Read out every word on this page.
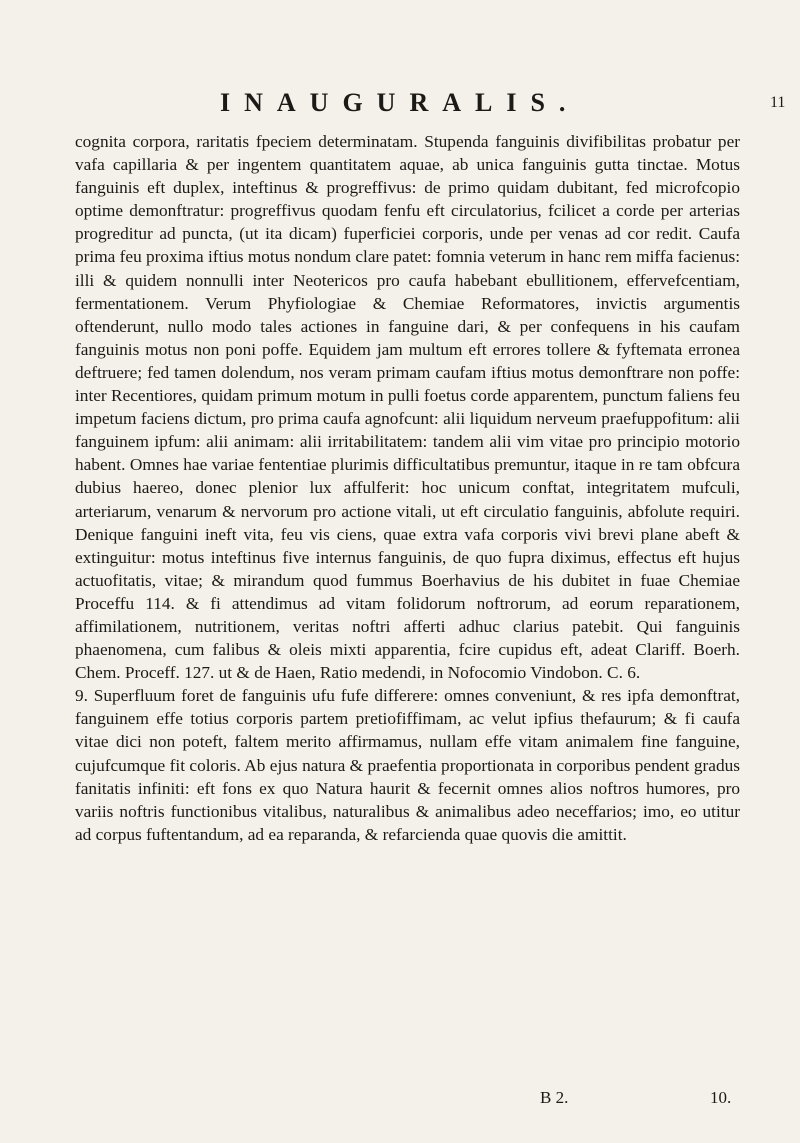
INAUGURALIS.	11

cognita corpora, raritatis fpeciem determinatam. Stupenda fanguinis divifibilitas probatur per vafa capillaria & per ingentem quantitatem aquae, ab unica fanguinis gutta tinctae. Motus fanguinis eft duplex, inteftinus & progreffivus: de primo quidam dubitant, fed microfcopio optime demonftratur: progreffivus quodam fenfu eft circulatorius, fcilicet a corde per arterias progreditur ad puncta, (ut ita dicam) fuperficiei corporis, unde per venas ad cor redit. Caufa prima feu proxima iftius motus nondum clare patet: fomnia veterum in hanc rem miffa facienus: illi & quidem nonnulli inter Neotericos pro caufa habebant ebullitionem, effervefcentiam, fermentationem. Verum Phyfiologiae & Chemiae Reformatores, invictis argumentis oftenderunt, nullo modo tales actiones in fanguine dari, & per confequens in his caufam fanguinis motus non poni poffe. Equidem jam multum eft errores tollere & fyftemata erronea deftruere; fed tamen dolendum, nos veram primam caufam iftius motus demonftrare non poffe: inter Recentiores, quidam primum motum in pulli foetus corde apparentem, punctum faliens feu impetum faciens dictum, pro prima caufa agnofcunt: alii liquidum nerveum praefuppofitum: alii fanguinem ipfum: alii animam: alii irritabilitatem: tandem alii vim vitae pro principio motorio habent. Omnes hae variae fententiae plurimis difficultatibus premuntur, itaque in re tam obfcura dubius haereo, donec plenior lux affulferit: hoc unicum conftat, integritatem mufculi, arteriarum, venarum & nervorum pro actione vitali, ut eft circulatio fanguinis, abfolute requiri. Denique fanguini ineft vita, feu vis ciens, quae extra vafa corporis vivi brevi plane abeft & extinguitur: motus inteftinus five internus fanguinis, de quo fupra diximus, effectus eft hujus actuofitatis, vitae; & mirandum quod fummus Boerhavius de his dubitet in fuae Chemiae Proceffu 114. & fi attendimus ad vitam folidorum noftrorum, ad eorum reparationem, affimilationem, nutritionem, veritas noftri afferti adhuc clarius patebit. Qui fanguinis phaenomena, cum falibus & oleis mixti apparentia, fcire cupidus eft, adeat Clariff. Boerh. Chem. Proceff. 127. ut & de Haen, Ratio medendi, in Nofocomio Vindobon. C. 6.

9. Superfluum foret de fanguinis ufu fufe differere: omnes conveniunt, & res ipfa demonftrat, fanguinem effe totius corporis partem pretiofiffimam, ac velut ipfius thefaurum; & fi caufa vitae dici non poteft, faltem merito affirmamus, nullam effe vitam animalem fine fanguine, cujufcumque fit coloris. Ab ejus natura & praefentia proportionata in corporibus pendent gradus fanitatis infiniti: eft fons ex quo Natura haurit & fecernit omnes alios noftros humores, pro variis noftris functionibus vitalibus, naturalibus & animalibus adeo neceffarios; imo, eo utitur ad corpus fuftentandum, ad ea reparanda, & refarcienda quae quovis die amittit.

B 2.	10.
